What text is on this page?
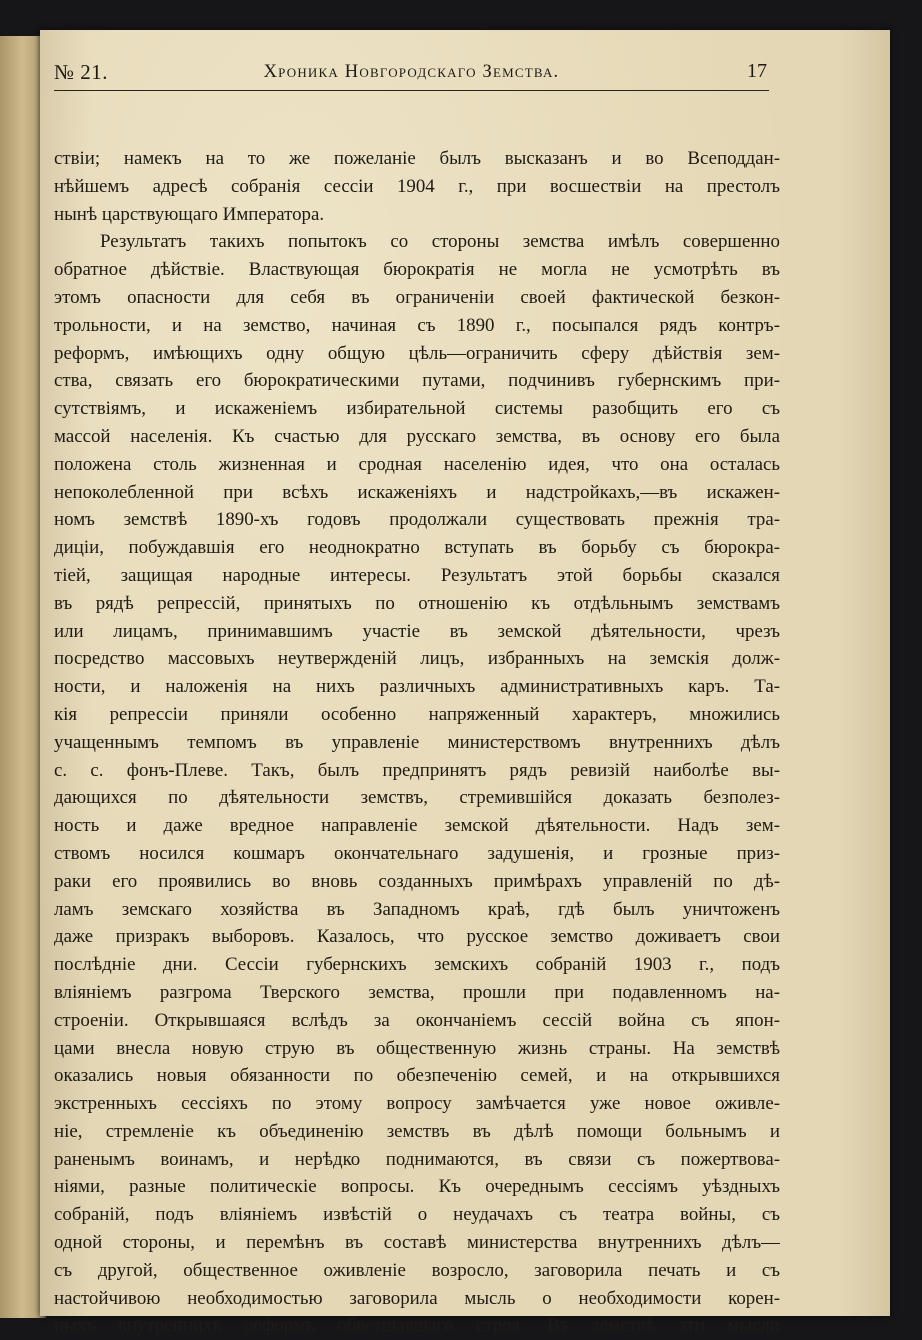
№ 21.	Хроника Новгородскаго Земства.	17
ствіи; намекъ на то же пожеланіе былъ высказанъ и во Всеподдан-
нѣйшемъ адресѣ собранія сессіи 1904 г., при восшествіи на престолъ
нынѣ царствующаго Императора.
Результатъ такихъ попытокъ со стороны земства имѣлъ совершенно
обратное дѣйствіе. Властвующая бюрократія не могла не усмотрѣть въ
этомъ опасности для себя въ ограниченіи своей фактической безкон-
трольности, и на земство, начиная съ 1890 г., посыпался рядъ контръ-
реформъ, имѣющихъ одну общую цѣль—ограничить сферу дѣйствія зем-
ства, связать его бюрократическими путами, подчинивъ губернскимъ при-
сутствіямъ, и искаженіемъ избирательной системы разобщить его съ
массой населенія. Къ счастью для русскаго земства, въ основу его была
положена столь жизненная и сродная населенію идея, что она осталась
непоколебленной при всѣхъ искаженіяхъ и надстройкахъ,—въ искажен-
номъ земствѣ 1890-хъ годовъ продолжали существовать прежнія тра-
диціи, побуждавшія его неоднократно вступать въ борьбу съ бюрокра-
тіей, защищая народные интересы. Результатъ этой борьбы сказался
въ рядѣ репрессій, принятыхъ по отношенію къ отдѣльнымъ земствамъ
или лицамъ, принимавшимъ участіе въ земской дѣятельности, чрезъ
посредство массовыхъ неутвержденій лицъ, избранныхъ на земскія долж-
ности, и наложенія на нихъ различныхъ административныхъ каръ. Та-
кія репрессіи приняли особенно напряженный характеръ, множились
учащеннымъ темпомъ въ управленіе министерствомъ внутреннихъ дѣлъ
с. с. фонъ-Плеве. Такъ, былъ предпринятъ рядъ ревизій наиболѣе вы-
дающихся по дѣятельности земствъ, стремившійся доказать безполез-
ность и даже вредное направленіе земской дѣятельности. Надъ зем-
ствомъ носился кошмаръ окончательнаго задушенія, и грозные приз-
раки его проявились во вновь созданныхъ примѣрахъ управленій по дѣ-
ламъ земскаго хозяйства въ Западномъ краѣ, гдѣ былъ уничтоженъ
даже призракъ выборовъ. Казалось, что русское земство доживаетъ свои
послѣдніе дни. Сессіи губернскихъ земскихъ собраній 1903 г., подъ
вліяніемъ разгрома Тверского земства, прошли при подавленномъ на-
строеніи. Открывшаяся вслѣдъ за окончаніемъ сессій война съ япон-
цами внесла новую струю въ общественную жизнь страны. На земствѣ
оказались новыя обязанности по обезпеченію семей, и на открывшихся
экстренныхъ сессіяхъ по этому вопросу замѣчается уже новое оживле-
ніе, стремленіе къ объединенію земствъ въ дѣлѣ помощи больнымъ и
раненымъ воинамъ, и нерѣдко поднимаются, въ связи съ пожертвова-
ніями, разные политическіе вопросы. Къ очереднымъ сессіямъ уѣздныхъ
собраній, подъ вліяніемъ извѣстій о неудачахъ съ театра войны, съ
одной стороны, и перемѣнъ въ составѣ министерства внутреннихъ дѣлъ—
съ другой, общественное оживленіе возросло, заговорила печать и съ
настойчивою необходимостью заговорила мысль о необходимости корен-
ныхъ внутреннихъ реформъ обветшавшаго строя. Въ земствѣ эти мысли
